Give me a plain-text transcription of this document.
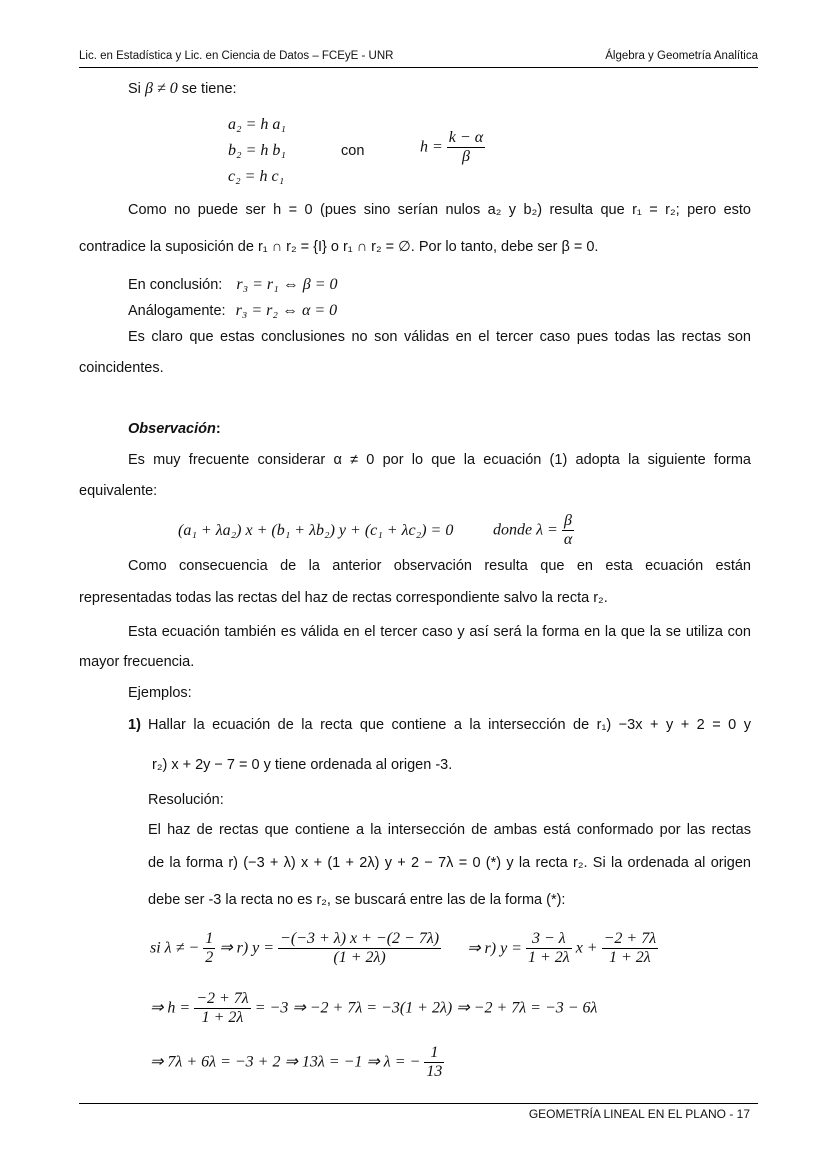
Lic. en Estadística y Lic. en Ciencia de Datos – FCEyE - UNR	Álgebra y Geometría Analítica
Si β ≠ 0 se tiene:
a₂ = h a₁
b₂ = h b₁
c₂ = h c₁
con	$h = \frac{k - \alpha}{\beta}$
Como no puede ser h = 0 (pues sino serían nulos a₂ y b₂) resulta que r₁ = r₂; pero esto
contradice la suposición de r₁ ∩ r₂ = {I} o r₁ ∩ r₂ = ∅. Por lo tanto, debe ser β = 0.
En conclusión: r₃ = r₁ ⇔ β = 0
Análogamente: r₃ = r₂ ⇔ α = 0
Es claro que estas conclusiones no son válidas en el tercer caso pues todas las rectas son
coincidentes.
Observación:
Es muy frecuente considerar α ≠ 0 por lo que la ecuación (1) adopta la siguiente forma
equivalente:
(a₁ + λa₂) x + (b₁ + λb₂) y + (c₁ + λc₂) = 0 donde $\lambda = \frac{\beta}{\alpha}$
Como consecuencia de la anterior observación resulta que en esta ecuación están
representadas todas las rectas del haz de rectas correspondiente salvo la recta r₂.
Esta ecuación también es válida en el tercer caso y así será la forma en la que la se utiliza con
mayor frecuencia.
Ejemplos:
1) Hallar la ecuación de la recta que contiene a la intersección de r₁) −3x + y + 2 = 0 y
r₂) x + 2y − 7 = 0 y tiene ordenada al origen -3.
Resolución:
El haz de rectas que contiene a la intersección de ambas está conformado por las rectas
de la forma r) (−3 + λ) x + (1 + 2λ) y + 2 − 7λ = 0 (*) y la recta r₂. Si la ordenada al origen
debe ser -3 la recta no es r₂, se buscará entre las de la forma (*):
si λ ≠ − $\frac{1}{2}$ ⇒ r) $y = \frac{-(-3 + \lambda) x + -(2 - 7\lambda)}{(1 + 2\lambda)}$ ⇒ r) $y = \frac{3 - \lambda}{1 + 2\lambda}$ $x + \frac{-2 + 7\lambda}{1 + 2\lambda}$
⇒ $h = \frac{-2 + 7\lambda}{1 + 2\lambda} = -3$ ⇒ −2 + 7λ = −3(1 + 2λ) ⇒ −2 + 7λ = −3 − 6λ
⇒ 7λ + 6λ = −3 + 2 ⇒ 13λ = −1 ⇒ λ = − $\frac{1}{13}$
GEOMETRÍA LINEAL EN EL PLANO - 17
